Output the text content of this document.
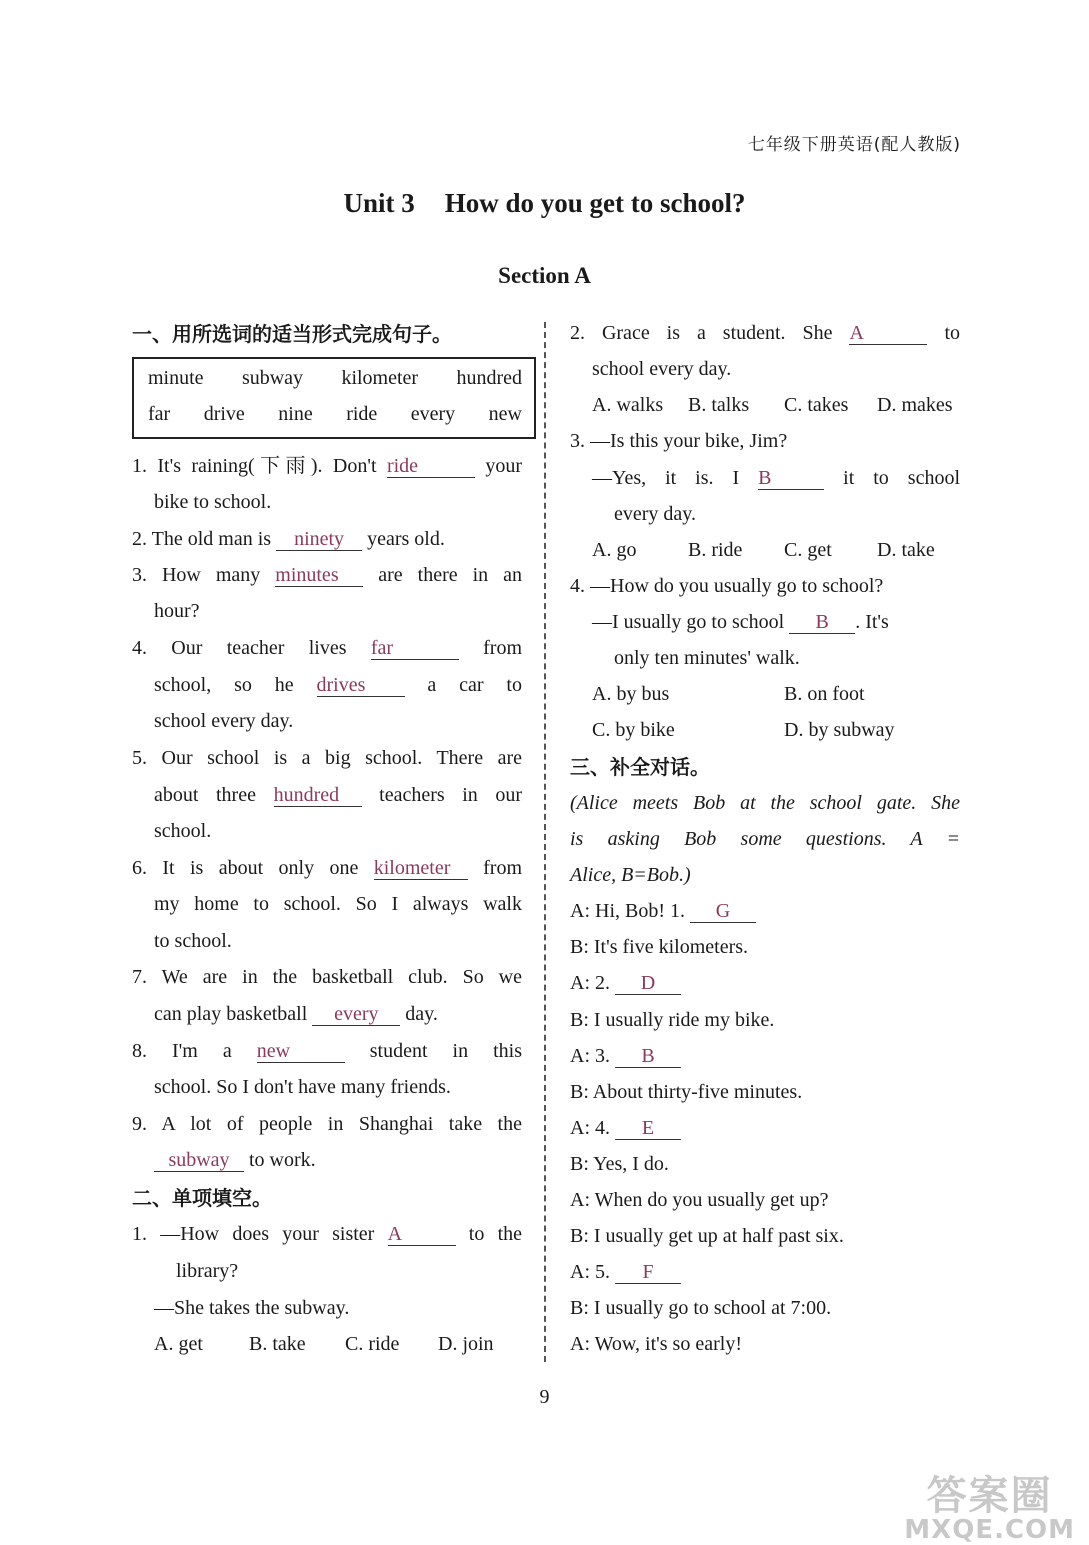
七年级下册英语(配人教版)
Unit 3 How do you get to school?
Section A
一、用所选词的适当形式完成句子。
minute subway kilometer hundred
far drive nine ride every new
1. It's raining(下雨). Don't ride	your
bike to school.
2. The old man is ninety years old.
3. How many minutes are there in an
hour?
4. Our teacher lives far	from
school, so he drives	a car to
school every day.
5. Our school is a big school. There are
about three hundred teachers in our
school.
6. It is about only one kilometer from
my home to school. So I always walk
to school.
7. We are in the basketball club. So we
can play basketball every day.
8. I'm a new	student in this
school. So I don't have many friends.
9. A lot of people in Shanghai take the
subway to work.
二、单项填空。
1. —How does your sister A	to the
library?
—She takes the subway.
A. get B. take C. ride D. join
2. Grace is a student. She A	to
school every day.
A. walks B. talks C. takes D. makes
3. —Is this your bike, Jim?
—Yes, it is. I B	it to school
every day.
A. go	B. ride C. get D. take
4. —How do you usually go to school?
—I usually go to school B . It's
only ten minutes' walk.
A. by bus	B. on foot
C. by bike	D. by subway
三、补全对话。
(Alice meets Bob at the school gate. She
is asking Bob some questions. A =
Alice, B=Bob.)
A: Hi, Bob! 1. G
B: It's five kilometers.
A: 2. D
B: I usually ride my bike.
A: 3. B
B: About thirty-five minutes.
A: 4. E
B: Yes, I do.
A: When do you usually get up?
B: I usually get up at half past six.
A: 5. F
B: I usually go to school at 7:00.
A: Wow, it's so early!
9
答案圈
MXQE.COM
